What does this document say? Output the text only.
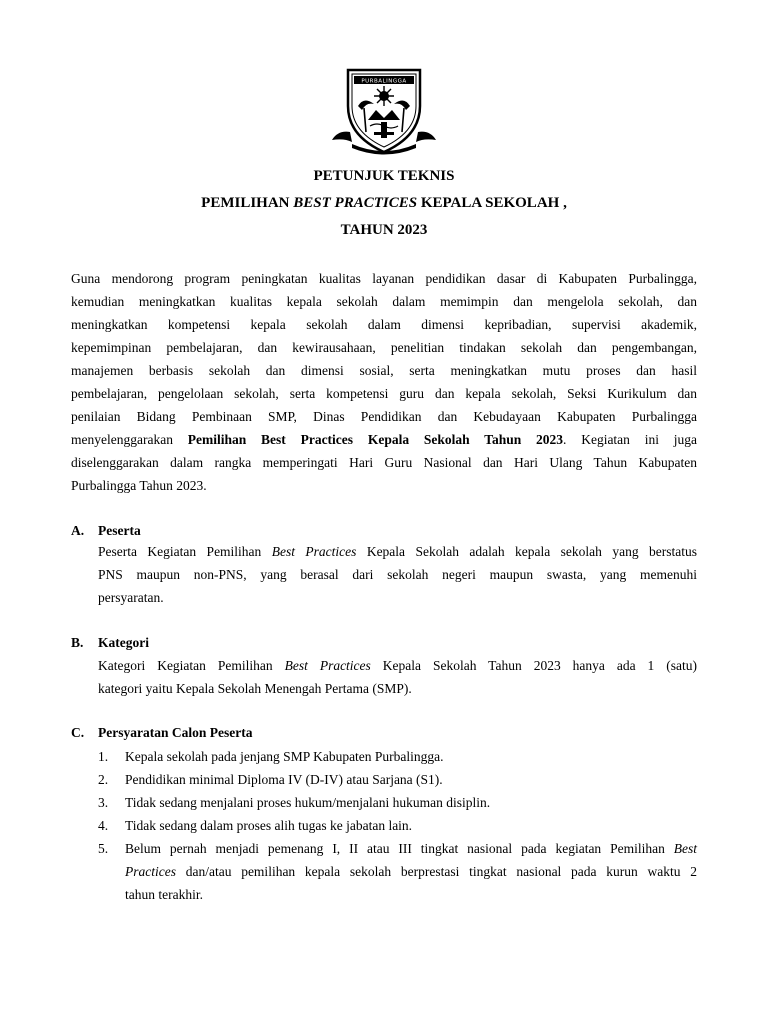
PURBALINGGA
PETUNJUK TEKNIS
PEMILIHAN BEST PRACTICES KEPALA SEKOLAH ,
TAHUN 2023
Guna mendorong program peningkatan kualitas layanan pendidikan dasar di Kabupaten Purbalingga,
kemudian meningkatkan kualitas kepala sekolah dalam memimpin dan mengelola sekolah, dan
meningkatkan kompetensi kepala sekolah dalam dimensi kepribadian, supervisi akademik,
kepemimpinan pembelajaran, dan kewirausahaan, penelitian tindakan sekolah dan pengembangan,
manajemen berbasis sekolah dan dimensi sosial, serta meningkatkan mutu proses dan hasil
pembelajaran, pengelolaan sekolah, serta kompetensi guru dan kepala sekolah, Seksi Kurikulum dan
penilaian Bidang Pembinaan SMP, Dinas Pendidikan dan Kebudayaan Kabupaten Purbalingga
menyelenggarakan Pemilihan Best Practices Kepala Sekolah Tahun 2023. Kegiatan ini juga
diselenggarakan dalam rangka memperingati Hari Guru Nasional dan Hari Ulang Tahun Kabupaten
Purbalingga Tahun 2023.
A. Peserta
Peserta Kegiatan Pemilihan Best Practices Kepala Sekolah adalah kepala sekolah yang berstatus
PNS maupun non-PNS, yang berasal dari sekolah negeri maupun swasta, yang memenuhi
persyaratan.
B. Kategori
Kategori Kegiatan Pemilihan Best Practices Kepala Sekolah Tahun 2023 hanya ada 1 (satu)
kategori yaitu Kepala Sekolah Menengah Pertama (SMP).
C. Persyaratan Calon Peserta
1. Kepala sekolah pada jenjang SMP Kabupaten Purbalingga.
2. Pendidikan minimal Diploma IV (D-IV) atau Sarjana (S1).
3. Tidak sedang menjalani proses hukum/menjalani hukuman disiplin.
4. Tidak sedang dalam proses alih tugas ke jabatan lain.
5. Belum pernah menjadi pemenang I, II atau III tingkat nasional pada kegiatan Pemilihan Best
Practices dan/atau pemilihan kepala sekolah berprestasi tingkat nasional pada kurun waktu 2
tahun terakhir.
